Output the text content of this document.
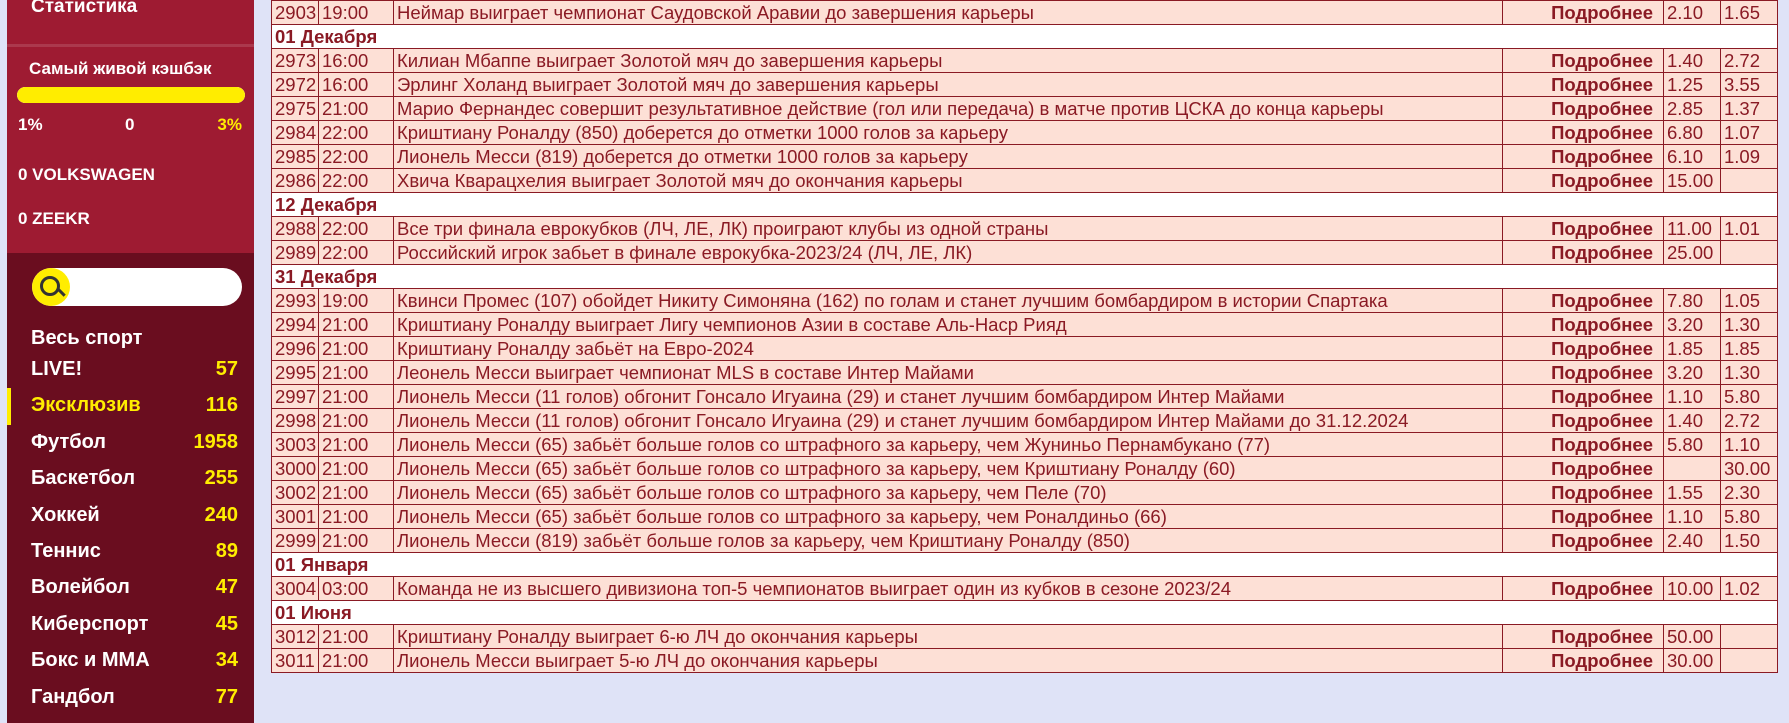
Статистика
Самый живой кэшбэк
1%	0	3%
0 VOLKSWAGEN
0 ZEEKR
Весь спорт
LIVE!	57
Эксклюзив	116
Футбол	1958
Баскетбол	255
Хоккей	240
Теннис	89
Волейбол	47
Киберспорт	45
Бокс и ММА	34
Гандбол	77
2903	19:00	Неймар выиграет чемпионат Саудовской Аравии до завершения карьеры	Подробнее	2.10	1.65
01 Декабря					
2973	16:00	Килиан Мбаппе выиграет Золотой мяч до завершения карьеры	Подробнее	1.40	2.72
2972	16:00	Эрлинг Холанд выиграет Золотой мяч до завершения карьеры	Подробнее	1.25	3.55
2975	21:00	Марио Фернандес совершит результативное действие (гол или передача) в матче против ЦСКА до конца карьеры	Подробнее	2.85	1.37
2984	22:00	Криштиану Роналду (850) доберется до отметки 1000 голов за карьеру	Подробнее	6.80	1.07
2985	22:00	Лионель Месси (819) доберется до отметки 1000 голов за карьеру	Подробнее	6.10	1.09
2986	22:00	Хвича Кварацхелия выиграет Золотой мяч до окончания карьеры	Подробнее	15.00	
12 Декабря					
2988	22:00	Все три финала еврокубков (ЛЧ, ЛЕ, ЛК) проиграют клубы из одной страны	Подробнее	11.00	1.01
2989	22:00	Российский игрок забьет в финале еврокубка-2023/24 (ЛЧ, ЛЕ, ЛК)	Подробнее	25.00	
31 Декабря					
2993	19:00	Квинси Промес (107) обойдет Никиту Симоняна (162) по голам и станет лучшим бомбардиром в истории Спартака	Подробнее	7.80	1.05
2994	21:00	Криштиану Роналду выиграет Лигу чемпионов Азии в составе Аль-Наср Рияд	Подробнее	3.20	1.30
2996	21:00	Криштиану Роналду забьёт на Евро-2024	Подробнее	1.85	1.85
2995	21:00	Леонель Месси выиграет чемпионат MLS в составе Интер Майами	Подробнее	3.20	1.30
2997	21:00	Лионель Месси (11 голов) обгонит Гонсало Игуаина (29) и станет лучшим бомбардиром Интер Майами	Подробнее	1.10	5.80
2998	21:00	Лионель Месси (11 голов) обгонит Гонсало Игуаина (29) и станет лучшим бомбардиром Интер Майами до 31.12.2024	Подробнее	1.40	2.72
3003	21:00	Лионель Месси (65) забьёт больше голов со штрафного за карьеру, чем Жуниньо Пернамбукано (77)	Подробнее	5.80	1.10
3000	21:00	Лионель Месси (65) забьёт больше голов со штрафного за карьеру, чем Криштиану Роналду (60)	Подробнее		30.00
3002	21:00	Лионель Месси (65) забьёт больше голов со штрафного за карьеру, чем Пеле (70)	Подробнее	1.55	2.30
3001	21:00	Лионель Месси (65) забьёт больше голов со штрафного за карьеру, чем Роналдиньо (66)	Подробнее	1.10	5.80
2999	21:00	Лионель Месси (819) забьёт больше голов за карьеру, чем Криштиану Роналду (850)	Подробнее	2.40	1.50
01 Января					
3004	03:00	Команда не из высшего дивизиона топ-5 чемпионатов выиграет один из кубков в сезоне 2023/24	Подробнее	10.00	1.02
01 Июня					
3012	21:00	Криштиану Роналду выиграет 6-ю ЛЧ до окончания карьеры	Подробнее	50.00	
3011	21:00	Лионель Месси выиграет 5-ю ЛЧ до окончания карьеры	Подробнее	30.00	
